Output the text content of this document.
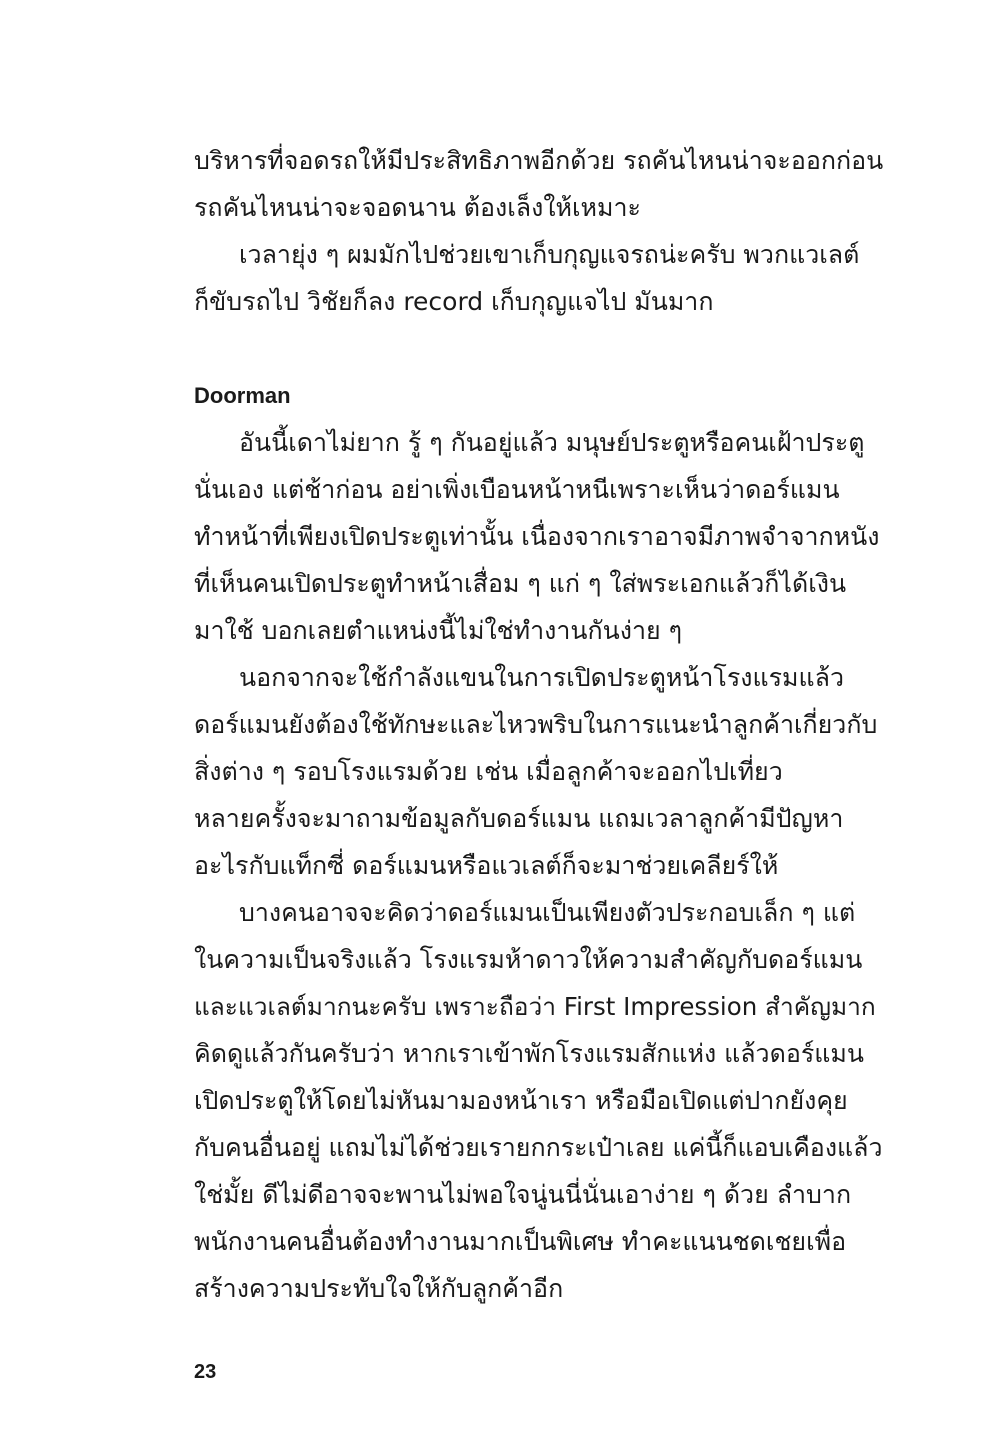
บริหารที่จอดรถให้มีประสิทธิภาพอีกด้วย รถคันไหนน่าจะออกก่อน
รถคันไหนน่าจะจอดนาน ต้องเล็งให้เหมาะ
เวลายุ่ง ๆ ผมมักไปช่วยเขาเก็บกุญแจรถน่ะครับ พวกแวเลต์
ก็ขับรถไป วิชัยก็ลง record เก็บกุญแจไป มันมาก
Doorman
อันนี้เดาไม่ยาก รู้ ๆ กันอยู่แล้ว มนุษย์ประตูหรือคนเฝ้าประตู
นั่นเอง แต่ช้าก่อน อย่าเพิ่งเบือนหน้าหนีเพราะเห็นว่าดอร์แมน
ทำหน้าที่เพียงเปิดประตูเท่านั้น เนื่องจากเราอาจมีภาพจำจากหนัง
ที่เห็นคนเปิดประตูทำหน้าเสื่อม ๆ แก่ ๆ ใส่พระเอกแล้วก็ได้เงิน
มาใช้ บอกเลยตำแหน่งนี้ไม่ใช่ทำงานกันง่าย ๆ
นอกจากจะใช้กำลังแขนในการเปิดประตูหน้าโรงแรมแล้ว
ดอร์แมนยังต้องใช้ทักษะและไหวพริบในการแนะนำลูกค้าเกี่ยวกับ
สิ่งต่าง ๆ รอบโรงแรมด้วย เช่น เมื่อลูกค้าจะออกไปเที่ยว
หลายครั้งจะมาถามข้อมูลกับดอร์แมน แถมเวลาลูกค้ามีปัญหา
อะไรกับแท็กซี่ ดอร์แมนหรือแวเลต์ก็จะมาช่วยเคลียร์ให้
บางคนอาจจะคิดว่าดอร์แมนเป็นเพียงตัวประกอบเล็ก ๆ แต่
ในความเป็นจริงแล้ว โรงแรมห้าดาวให้ความสำคัญกับดอร์แมน
และแวเลต์มากนะครับ เพราะถือว่า First Impression สำคัญมาก
คิดดูแล้วกันครับว่า หากเราเข้าพักโรงแรมสักแห่ง แล้วดอร์แมน
เปิดประตูให้โดยไม่หันมามองหน้าเรา หรือมือเปิดแต่ปากยังคุย
กับคนอื่นอยู่ แถมไม่ได้ช่วยเรายกกระเป๋าเลย แค่นี้ก็แอบเคืองแล้ว
ใช่มั้ย ดีไม่ดีอาจจะพานไม่พอใจนู่นนี่นั่นเอาง่าย ๆ ด้วย ลำบาก
พนักงานคนอื่นต้องทำงานมากเป็นพิเศษ ทำคะแนนชดเชยเพื่อ
สร้างความประทับใจให้กับลูกค้าอีก
23
